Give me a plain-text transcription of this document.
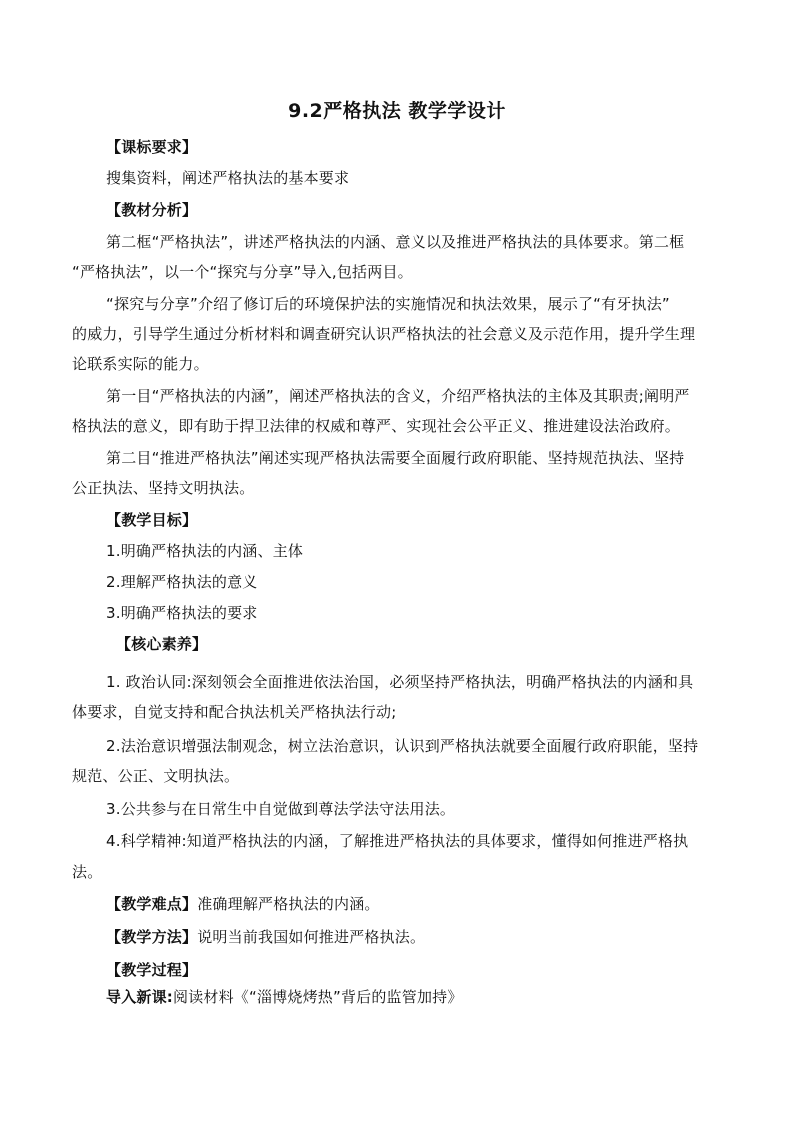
9.2严格执法 教学学设计
【课标要求】
搜集资料，阐述严格执法的基本要求
【教材分析】
第二框“严格执法”，讲述严格执法的内涵、意义以及推进严格执法的具体要求。第二框
“严格执法”，以一个“探究与分享”导入,包括两目。
“探究与分享”介绍了修订后的环境保护法的实施情况和执法效果，展示了“有牙执法”
的威力，引导学生通过分析材料和调查研究认识严格执法的社会意义及示范作用，提升学生理
论联系实际的能力。
第一目“严格执法的内涵”，阐述严格执法的含义，介绍严格执法的主体及其职责;阐明严
格执法的意义，即有助于捍卫法律的权威和尊严、实现社会公平正义、推进建设法治政府。
第二目“推进严格执法”阐述实现严格执法需要全面履行政府职能、坚持规范执法、坚持
公正执法、坚持文明执法。
【教学目标】
1.明确严格执法的内涵、主体
2.理解严格执法的意义
3.明确严格执法的要求
【核心素养】
1. 政治认同:深刻领会全面推进依法治国，必须坚持严格执法，明确严格执法的内涵和具
体要求，自觉支持和配合执法机关严格执法行动;
2.法治意识增强法制观念，树立法治意识，认识到严格执法就要全面履行政府职能，坚持
规范、公正、文明执法。
3.公共参与在日常生中自觉做到尊法学法守法用法。
4.科学精神:知道严格执法的内涵，了解推进严格执法的具体要求，懂得如何推进严格执
法。
【教学难点】准确理解严格执法的内涵。
【教学方法】说明当前我国如何推进严格执法。
【教学过程】
导入新课:阅读材料《“淄博烧烤热”背后的监管加持》
